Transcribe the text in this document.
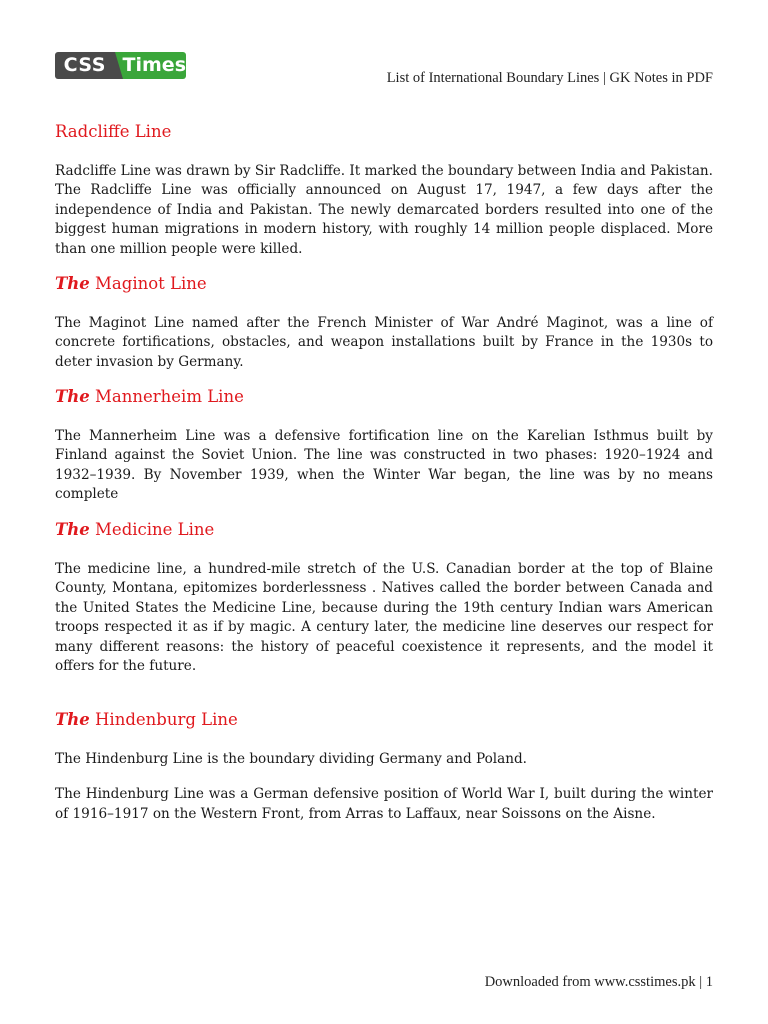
CSS Times
List of International Boundary Lines | GK Notes in PDF
Radcliffe Line

Radcliffe Line was drawn by Sir Radcliffe. It marked the boundary between India and Pakistan. The Radcliffe Line was officially announced on August 17, 1947, a few days after the independence of India and Pakistan. The newly demarcated borders resulted into one of the biggest human migrations in modern history, with roughly 14 million people displaced. More than one million people were killed.

The Maginot Line

The Maginot Line named after the French Minister of War André Maginot, was a line of concrete fortifications, obstacles, and weapon installations built by France in the 1930s to deter invasion by Germany.

The Mannerheim Line

The Mannerheim Line was a defensive fortification line on the Karelian Isthmus built by Finland against the Soviet Union. The line was constructed in two phases: 1920–1924 and 1932–1939. By November 1939, when the Winter War began, the line was by no means complete

The Medicine Line

The medicine line, a hundred-mile stretch of the U.S. Canadian border at the top of Blaine County, Montana, epitomizes borderlessness . Natives called the border between Canada and the United States the Medicine Line, because during the 19th century Indian wars American troops respected it as if by magic. A century later, the medicine line deserves our respect for many different reasons: the history of peaceful coexistence it represents, and the model it offers for the future.

The Hindenburg Line

The Hindenburg Line is the boundary dividing Germany and Poland.

The Hindenburg Line was a German defensive position of World War I, built during the winter of 1916–1917 on the Western Front, from Arras to Laffaux, near Soissons on the Aisne.

Downloaded from www.csstimes.pk | 1
